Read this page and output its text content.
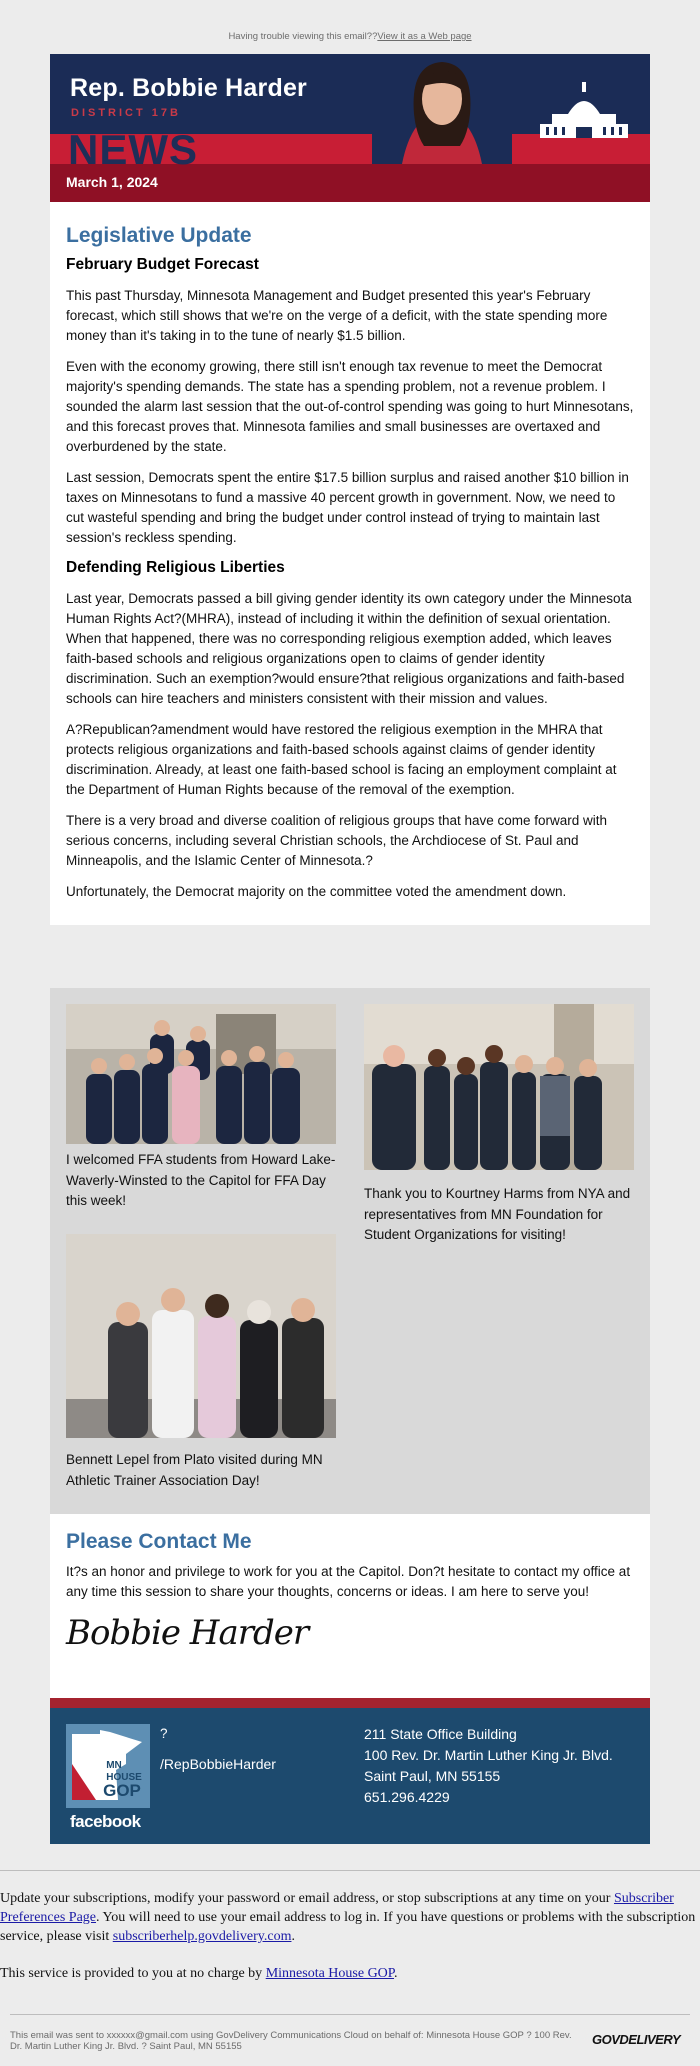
Having trouble viewing this email?? View it as a Web page
NEWS
Rep. Bobbie Harder
DISTRICT 17B
March 1, 2024
Legislative Update
February Budget Forecast

This past Thursday, Minnesota Management and Budget presented this year's February forecast, which still shows that we're on the verge of a deficit, with the state spending more money than it's taking in to the tune of nearly $1.5 billion.

Even with the economy growing, there still isn't enough tax revenue to meet the Democrat majority's spending demands. The state has a spending problem, not a revenue problem. I sounded the alarm last session that the out-of-control spending was going to hurt Minnesotans, and this forecast proves that. Minnesota families and small businesses are overtaxed and overburdened by the state.

Last session, Democrats spent the entire $17.5 billion surplus and raised another $10 billion in taxes on Minnesotans to fund a massive 40 percent growth in government. Now, we need to cut wasteful spending and bring the budget under control instead of trying to maintain last session's reckless spending.

Defending Religious Liberties

Last year, Democrats passed a bill giving gender identity its own category under the Minnesota Human Rights Act?(MHRA), instead of including it within the definition of sexual orientation. When that happened, there was no corresponding religious exemption added, which leaves faith-based schools and religious organizations open to claims of gender identity discrimination. Such an exemption?would ensure?that religious organizations and faith-based schools can hire teachers and ministers consistent with their mission and values.

A?Republican?amendment would have restored the religious exemption in the MHRA that protects religious organizations and faith-based schools against claims of gender identity discrimination. Already, at least one faith-based school is facing an employment complaint at the Department of Human Rights because of the removal of the exemption.

There is a very broad and diverse coalition of religious groups that have come forward with serious concerns, including several Christian schools, the Archdiocese of St. Paul and Minneapolis, and the Islamic Center of Minnesota.?

Unfortunately, the Democrat majority on the committee voted the amendment down.

I welcomed FFA students from Howard Lake-Waverly-Winsted to the Capitol for FFA Day this week!	Thank you to Kourtney Harms from NYA and representatives from MN Foundation for Student Organizations for visiting!
Bennett Lepel from Plato visited during MN Athletic Trainer Association Day!
Please Contact Me

It?s an honor and privilege to work for you at the Capitol. Don?t hesitate to contact my office at any time this session to share your thoughts, concerns or ideas. I am here to serve you!

Bobbie Harder
MN
HOUSE
GOP
facebook
?
/RepBobbieHarder
211 State Office Building
100 Rev. Dr. Martin Luther King Jr. Blvd.
Saint Paul, MN 55155
651.296.4229

Update your subscriptions, modify your password or email address, or stop subscriptions at any time on your Subscriber Preferences Page. You will need to use your email address to log in. If you have questions or problems with the subscription service, please visit subscriberhelp.govdelivery.com.

This service is provided to you at no charge by Minnesota House GOP.

This email was sent to xxxxxx@gmail.com using GovDelivery Communications Cloud on behalf of: Minnesota House GOP ? 100 Rev. Dr. Martin Luther King Jr. Blvd. ? Saint Paul, MN 55155	GOVDELIVERY
